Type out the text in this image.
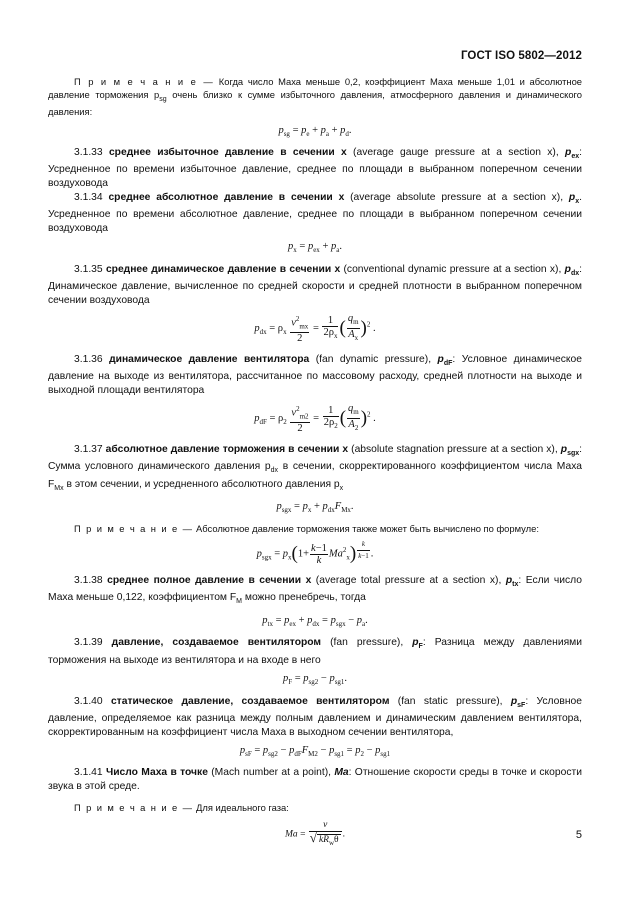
ГОСТ ISO 5802—2012

П р и м е ч а н и е — Когда число Маха меньше 0,2, коэффициент Маха меньше 1,01 и абсолютное давление торможения $p_{sg}$ очень близко к сумме избыточного давления, атмосферного давления и динамического давления:

$p_{sg} = p_e + p_a + p_d$.

3.1.33 среднее избыточное давление в сечении x (average gauge pressure at a section x), $p_{ex}$: Усредненное по времени избыточное давление, среднее по площади в выбранном поперечном сечении воздуховода

3.1.34 среднее абсолютное давление в сечении x (average absolute pressure at a section x), $p_x$. Усредненное по времени абсолютное давление, среднее по площади в выбранном поперечном сечении воздуховода

$p_x = p_{ex} + p_a$.

3.1.35 среднее динамическое давление в сечении x (conventional dynamic pressure at a section x), $p_{dx}$: Динамическое давление, вычисленное по средней скорости и средней плотности в выбранном поперечном сечении воздуховода

$p_{dx} = \rho_x \frac{v^2_{mx}}{2} = \frac{1}{2\rho_x}$ ( $\frac{q_m}{A_x} )^2$ .

3.1.36 динамическое давление вентилятора (fan dynamic pressure), $p_{dF}$: Условное динамическое давление на выходе из вентилятора, рассчитанное по массовому расходу, средней плотности на выходе и выходной площади вентилятора

$p_{dF} = \rho_2 \frac{v^2_{m2}}{2} = \frac{1}{2\rho_2}$ ( $\frac{q_m}{A_2} )^2$ .

3.1.37 абсолютное давление торможения в сечении x (absolute stagnation pressure at a section x), $p_{sgx}$: Сумма условного динамического давления $p_{dx}$ в сечении, скорректированного коэффициентом числа Маха $F_{Mx}$ в этом сечении, и усредненного абсолютного давления $p_x$

$p_{sgx} = p_x + p_{dx}F_{Mx}$.

П р и м е ч а н и е — Абсолютное давление торможения также может быть вычислено по формуле:

$p_{sgx} = p_x(1+ \frac{k-1}{k} Ma^2_x)$ $^{\frac{k}{k-1}}$ .

3.1.38 среднее полное давление в сечении x (average total pressure at a section x), $p_{tx}$: Если число Маха меньше 0,122, коэффициентом $F_M$ можно пренебречь, тогда

$p_{tx} = p_{ex} + p_{dx} = p_{sgx} - p_a$.

3.1.39 давление, создаваемое вентилятором (fan pressure), $p_F$: Разница между давлениями торможения на выходе из вентилятора и на входе в него

$p_F = p_{sg2} - p_{sg1}$.

3.1.40 статическое давление, создаваемое вентилятором (fan static pressure), $p_{sF}$: Условное давление, определяемое как разница между полным давлением и динамическим давлением вентилятора, скорректированным на коэффициент числа Маха в выходном сечении вентилятора,

$p_{sF} = p_{sg2} - p_{dF}F_{M2} - p_{sg1} = p_2 - p_{sg1}$

3.1.41 Число Маха в точке (Mach number at a point), Ma: Отношение скорости среды в точке и скорости звука в этой среде.

П р и м е ч а н и е — Для идеального газа:

$Ma = \frac{v}{√ kR_w\theta}$ .	5
